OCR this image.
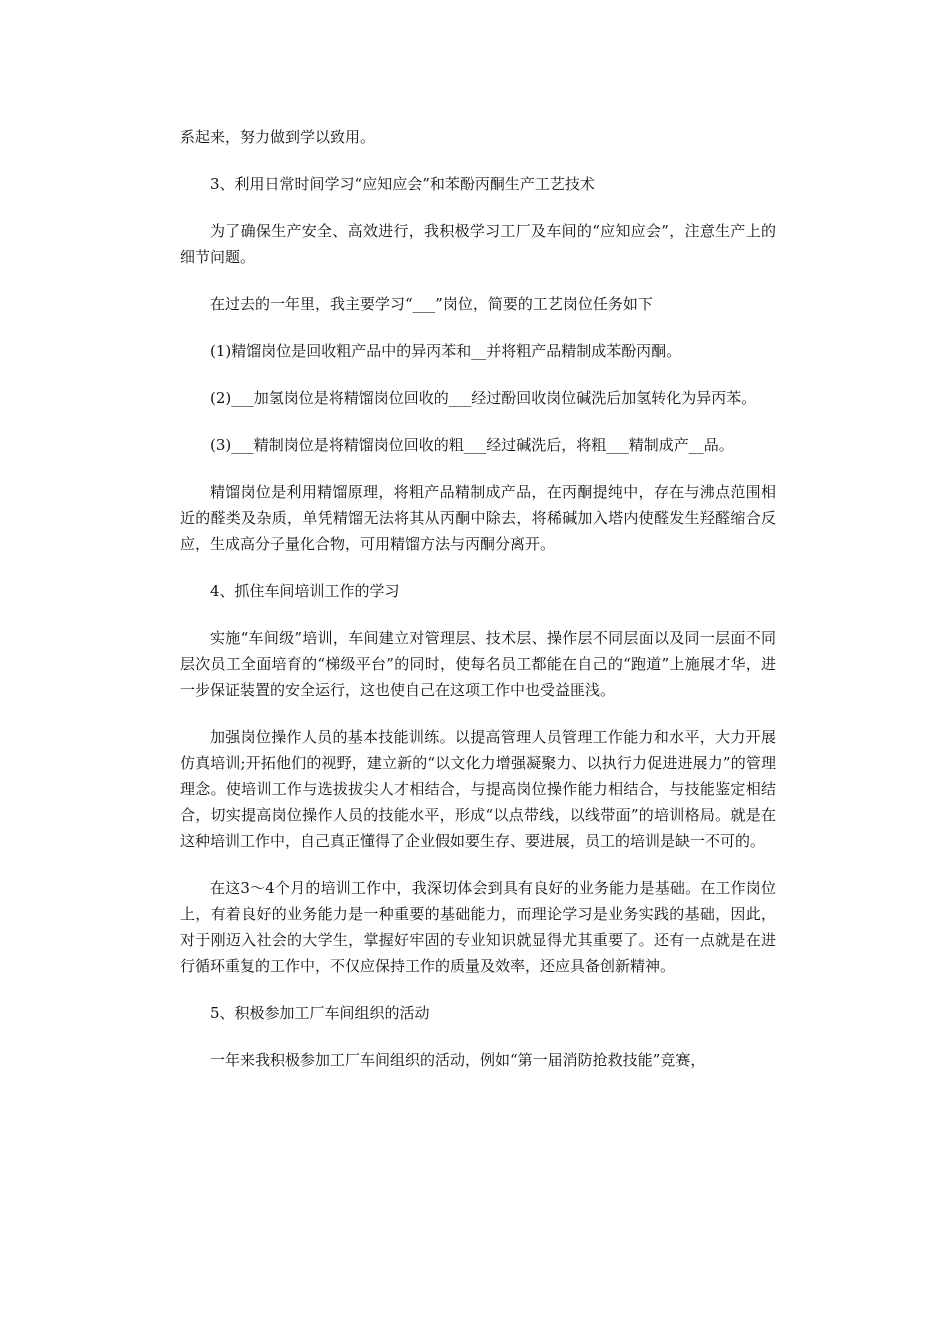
系起来，努力做到学以致用。

3、利用日常时间学习“应知应会”和苯酚丙酮生产工艺技术

为了确保生产安全、高效进行，我积极学习工厂及车间的“应知应会”，注意生产上的细节问题。

在过去的一年里，我主要学习“___”岗位，简要的工艺岗位任务如下

(1)精馏岗位是回收粗产品中的异丙苯和__并将粗产品精制成苯酚丙酮。

(2)___加氢岗位是将精馏岗位回收的___经过酚回收岗位碱洗后加氢转化为异丙苯。

(3)___精制岗位是将精馏岗位回收的粗___经过碱洗后，将粗___精制成产__品。

精馏岗位是利用精馏原理，将粗产品精制成产品，在丙酮提纯中，存在与沸点范围相近的醛类及杂质，单凭精馏无法将其从丙酮中除去，将稀碱加入塔内使醛发生羟醛缩合反应，生成高分子量化合物，可用精馏方法与丙酮分离开。

4、抓住车间培训工作的学习

实施“车间级”培训，车间建立对管理层、技术层、操作层不同层面以及同一层面不同层次员工全面培育的“梯级平台”的同时，使每名员工都能在自己的“跑道”上施展才华，进一步保证装置的安全运行，这也使自己在这项工作中也受益匪浅。

加强岗位操作人员的基本技能训练。以提高管理人员管理工作能力和水平，大力开展仿真培训;开拓他们的视野，建立新的“以文化力增强凝聚力、以执行力促进进展力”的管理理念。使培训工作与选拔拔尖人才相结合，与提高岗位操作能力相结合，与技能鉴定相结合，切实提高岗位操作人员的技能水平，形成“以点带线，以线带面”的培训格局。就是在这种培训工作中，自己真正懂得了企业假如要生存、要进展，员工的培训是缺一不可的。

在这3～4个月的培训工作中，我深切体会到具有良好的业务能力是基础。在工作岗位上，有着良好的业务能力是一种重要的基础能力，而理论学习是业务实践的基础，因此，对于刚迈入社会的大学生，掌握好牢固的专业知识就显得尤其重要了。还有一点就是在进行循环重复的工作中，不仅应保持工作的质量及效率，还应具备创新精神。

5、积极参加工厂车间组织的活动

一年来我积极参加工厂车间组织的活动，例如“第一届消防抢救技能”竞赛，
